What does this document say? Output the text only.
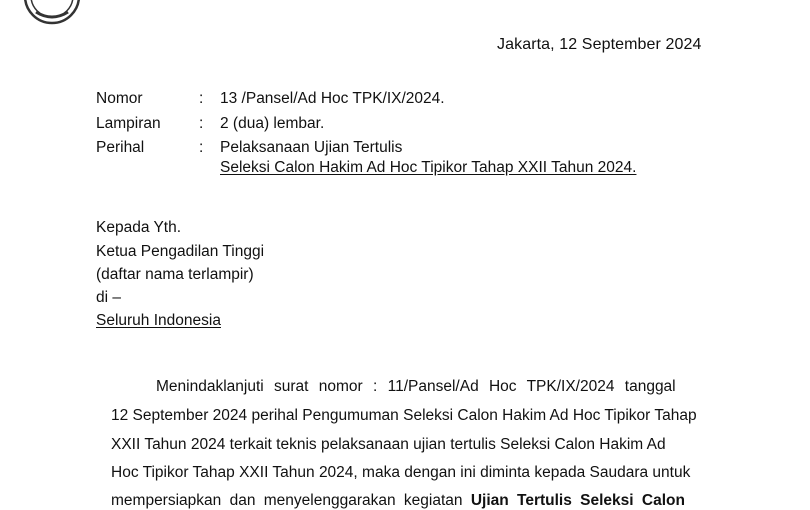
Jakarta, 12 September 2024
Nomor	: 13 /Pansel/Ad Hoc TPK/IX/2024.
Lampiran : 2 (dua) lembar.
Perihal	: Pelaksanaan Ujian Tertulis
Seleksi Calon Hakim Ad Hoc Tipikor Tahap XXII Tahun 2024.
Kepada Yth.
Ketua Pengadilan Tinggi
(daftar nama terlampir)
di –
Seluruh Indonesia
Menindaklanjuti surat nomor : 11/Pansel/Ad Hoc TPK/IX/2024 tanggal
12 September 2024 perihal Pengumuman Seleksi Calon Hakim Ad Hoc Tipikor Tahap
XXII Tahun 2024 terkait teknis pelaksanaan ujian tertulis Seleksi Calon Hakim Ad
Hoc Tipikor Tahap XXII Tahun 2024, maka dengan ini diminta kepada Saudara untuk
mempersiapkan dan menyelenggarakan kegiatan Ujian Tertulis Seleksi Calon
